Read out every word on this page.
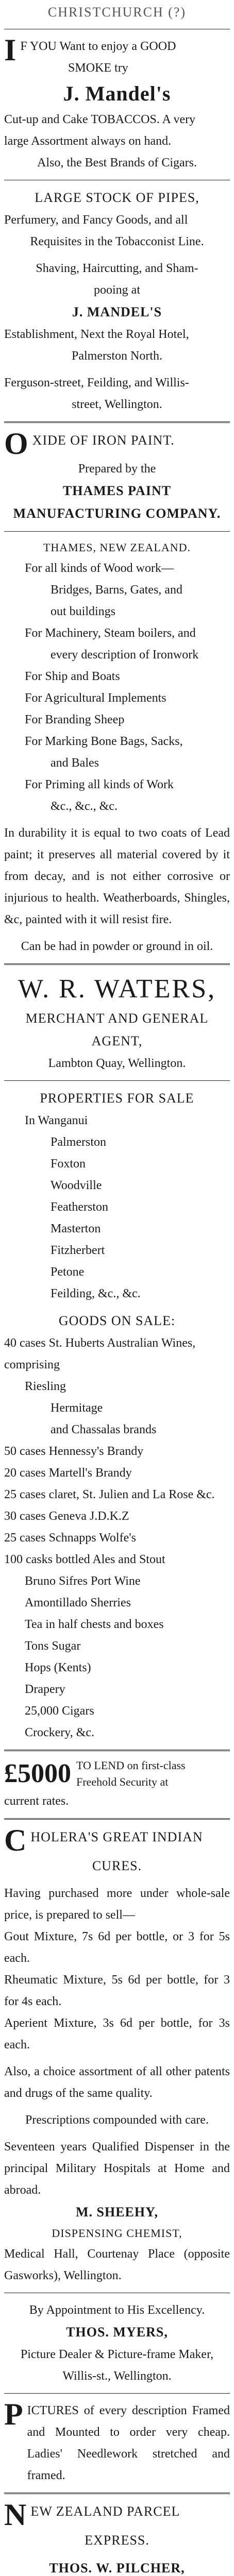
CHRISTCHURCH (?)
I F YOU Want to enjoy a GOOD

SMOKE try

J. Mandel's

Cut-up and Cake TOBACCOS. A very

large Assortment always on hand.

Also, the Best Brands of Cigars.

LARGE STOCK OF PIPES,

Perfumery, and Fancy Goods, and all

Requisites in the Tobacconist Line.

Shaving, Haircutting, and Sham-

pooing at

J. MANDEL'S

Establishment, Next the Royal Hotel,

Palmerston North.

Ferguson-street, Feilding, and Willis-

street, Wellington.

O XIDE OF IRON PAINT.

Prepared by the

THAMES PAINT MANUFACTURING COMPANY.

THAMES, NEW ZEALAND.

For all kinds of Wood work—

Bridges, Barns, Gates, and

out buildings

For Machinery, Steam boilers, and

every description of Ironwork

For Ship and Boats

For Agricultural Implements

For Branding Sheep

For Marking Bone Bags, Sacks,

and Bales

For Priming all kinds of Work

&c., &c., &c.

In durability it is equal to two coats of Lead paint; it preserves all material covered by it from decay, and is not either corrosive or injurious to health. Weatherboards, Shingles, &c, painted with it will resist fire.

Can be had in powder or ground in oil.

W. R. WATERS,

MERCHANT AND GENERAL

AGENT,

Lambton Quay, Wellington.

PROPERTIES FOR SALE

In Wanganui

Palmerston

Foxton

Woodville

Featherston

Masterton

Fitzherbert

Petone

Feilding, &c., &c.

GOODS ON SALE:

40 cases St. Huberts Australian Wines, comprising

Riesling

Hermitage

and Chassalas brands

50 cases Hennessy's Brandy

20 cases Martell's Brandy

25 cases claret, St. Julien and La Rose &c.

30 cases Geneva J.D.K.Z

25 cases Schnapps Wolfe's

100 casks bottled Ales and Stout

Bruno Sifres Port Wine

Amontillado Sherries

Tea in half chests and boxes

Tons Sugar

Hops (Kents)

Drapery

25,000 Cigars

Crockery, &c.

£5000 TO LEND on first-class

Freehold Security at

current rates.

C HOLERA'S GREAT INDIAN

CURES.

Having purchased more under whole-sale price, is prepared to sell—

Gout Mixture, 7s 6d per bottle, or 3 for 5s each.

Rheumatic Mixture, 5s 6d per bottle, for 3 for 4s each.

Aperient Mixture, 3s 6d per bottle, for 3s each.

Also, a choice assortment of all other patents and drugs of the same quality.

Prescriptions compounded with care.

Seventeen years Qualified Dispenser in the principal Military Hospitals at Home and abroad.

M. SHEEHY,

DISPENSING CHEMIST,

Medical Hall, Courtenay Place (opposite Gasworks), Wellington.

By Appointment to His Excellency.

THOS. MYERS,

Picture Dealer & Picture-frame Maker,

Willis-st., Wellington.

P ICTURES of every description Framed and Mounted to order very cheap. Ladies' Needlework stretched and framed.

N EW ZEALAND PARCEL

EXPRESS.

THOS. W. PILCHER,
